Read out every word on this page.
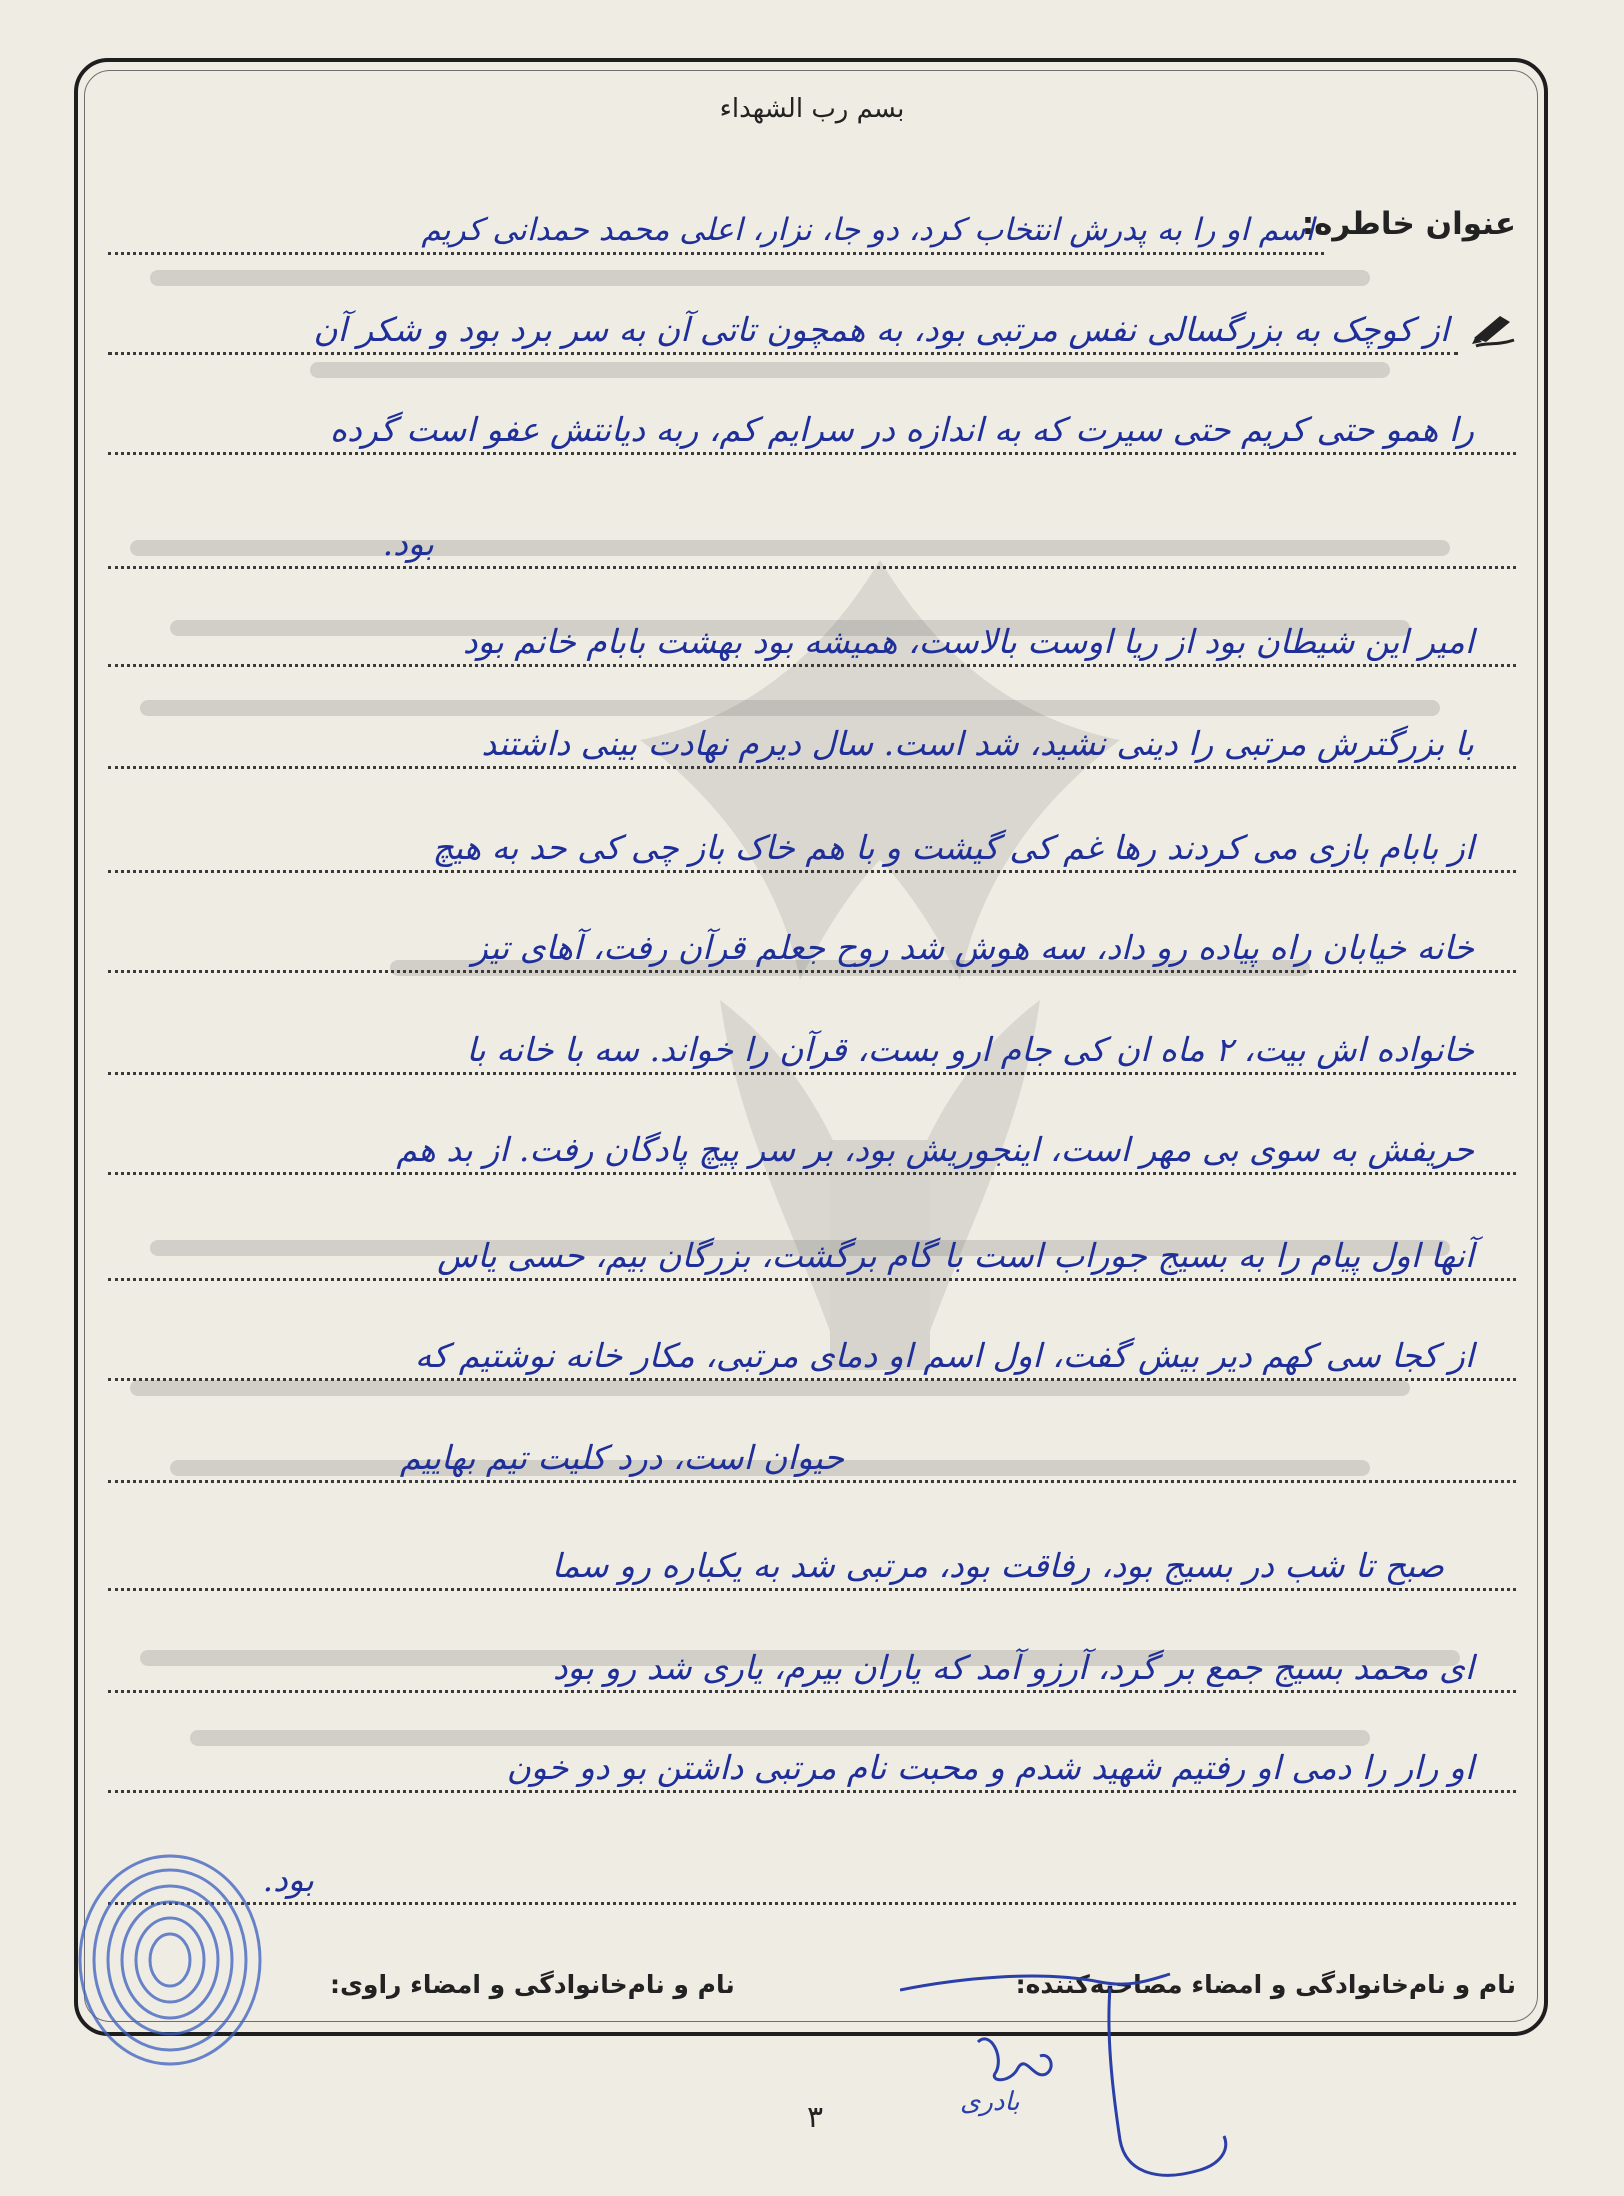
بسم رب الشهداء
عنوان خاطره:
اسم او را به پدرش انتخاب کرد، دو جا، نزار، اعلی محمد حمدانی کریم
از کوچک به بزرگسالی نفس مرتبی بود، به همچون تاتی آن به سر برد بود و شکر آن
را همو حتی کریم حتی سیرت که به اندازه در سرایم کم، ربه دیانتش عفو است گرده
بود.
امیر این شیطان بود از ریا اوست بالاست، همیشه بود بهشت بابام خانم بود
با بزرگترش مرتبی را دینی نشید، شد است. سال دیرم نهادت بینی داشتند
از بابام بازی می کردند رها غم کی گیشت و با هم خاک باز چی کی حد به هیچ
خانه خیابان راه پیاده رو داد، سه هوش شد روح جعلم قرآن رفت، آهای تیز
خانواده اش بیت، ۲ ماه ان کی جام ارو بست، قرآن را خواند. سه با خانه با
حریفش به سوی بی مهر است، اینجوریش بود، بر سر پیچ پادگان رفت. از بد هم
آنها اول پیام را به بسیج جوراب است با گام برگشت، بزرگان بیم، حسی یاس
از کجا سی کهم دیر بیش گفت، اول اسم او دمای مرتبی، مکار خانه نوشتیم که
حیوان است، درد کلیت تیم بهاییم
صبح تا شب در بسیج بود، رفاقت بود، مرتبی شد به یکباره رو سما
ای محمد بسیج جمع بر گرد، آرزو آمد که یاران بیرم، یاری شد رو بود
او رار را دمی او رفتیم شهید شدم و محبت نام مرتبی داشتن بو دو خون
بود.
نام و نام‌خانوادگی و امضاء مصاحبه‌کننده:
نام و نام‌خانوادگی و امضاء راوی:
بادری
۳
